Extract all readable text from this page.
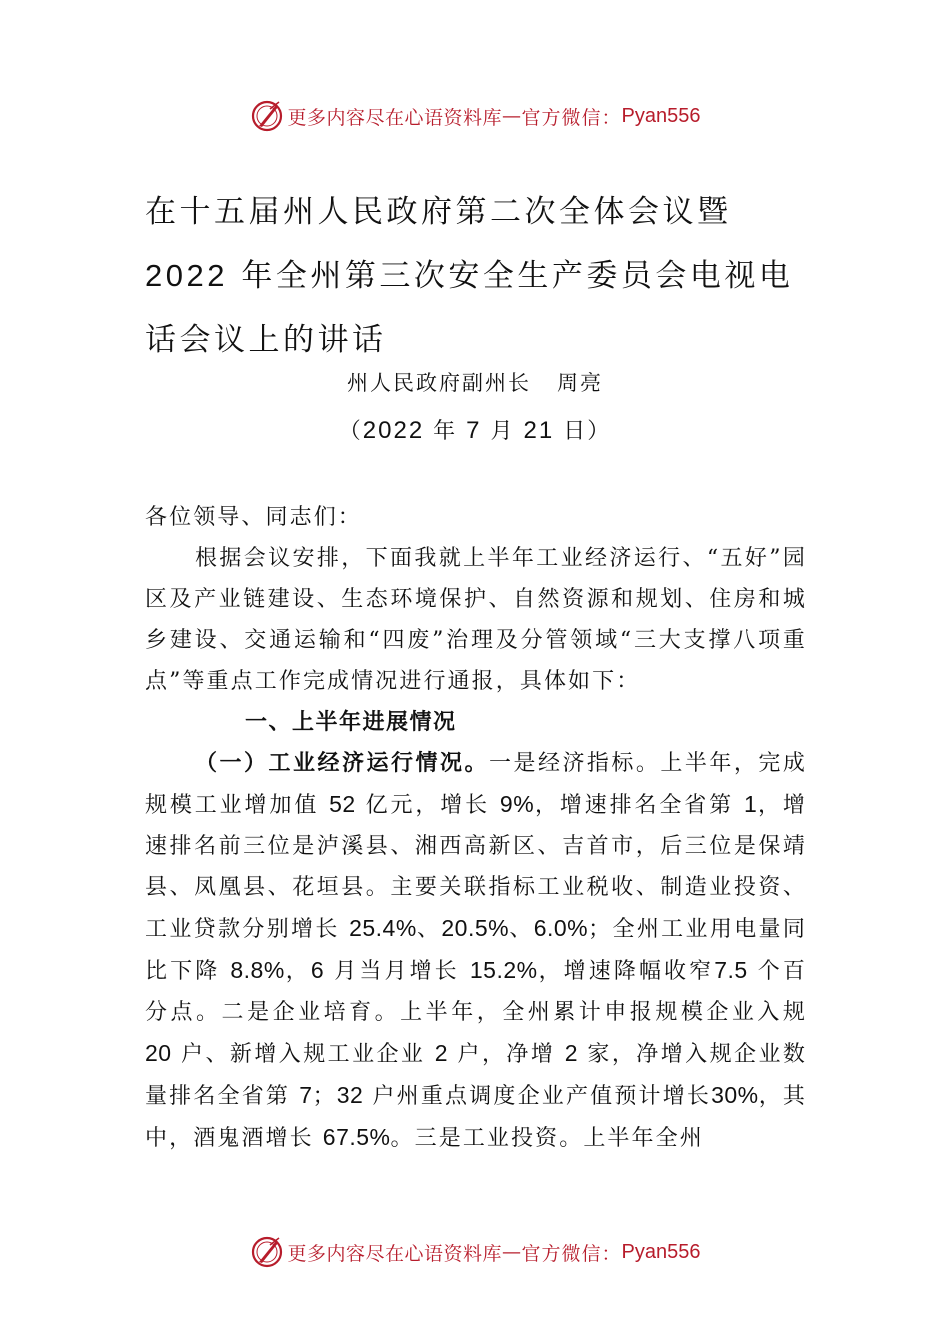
更多内容尽在心语资料库 — 官方微信： Pyan556
在十五届州人民政府第二次全体会议暨
2022 年全州第三次安全生产委员会电视电
话会议上的讲话
州人民政府副州长 周亮
（2022 年 7 月 21 日）

各位领导、同志们：

根据会议安排，下面我就上半年工业经济运行、“五好”园区及产业链建设、生态环境保护、自然资源和规划、住房和城乡建设、交通运输和“四废”治理及分管领域“三大支撑八项重点”等重点工作完成情况进行通报，具体如下：

一、上半年进展情况

（一）工业经济运行情况。一是经济指标。上半年，完成规模工业增加值 52 亿元，增长 9%，增速排名全省第 1，增速排名前三位是泸溪县、湘西高新区、吉首市，后三位是保靖县、凤凰县、花垣县。主要关联指标工业税收、制造业投资、工业贷款分别增长 25.4%、20.5%、6.0%；全州工业用电量同比下降 8.8%，6 月当月增长 15.2%，增速降幅收窄7.5 个百分点。二是企业培育。上半年，全州累计申报规模企业入规 20 户、新增入规工业企业 2 户，净增 2 家，净增入规企业数量排名全省第 7；32 户州重点调度企业产值预计增长30%，其中，酒鬼酒增长 67.5%。三是工业投资。上半年全州

更多内容尽在心语资料库 — 官方微信： Pyan556
